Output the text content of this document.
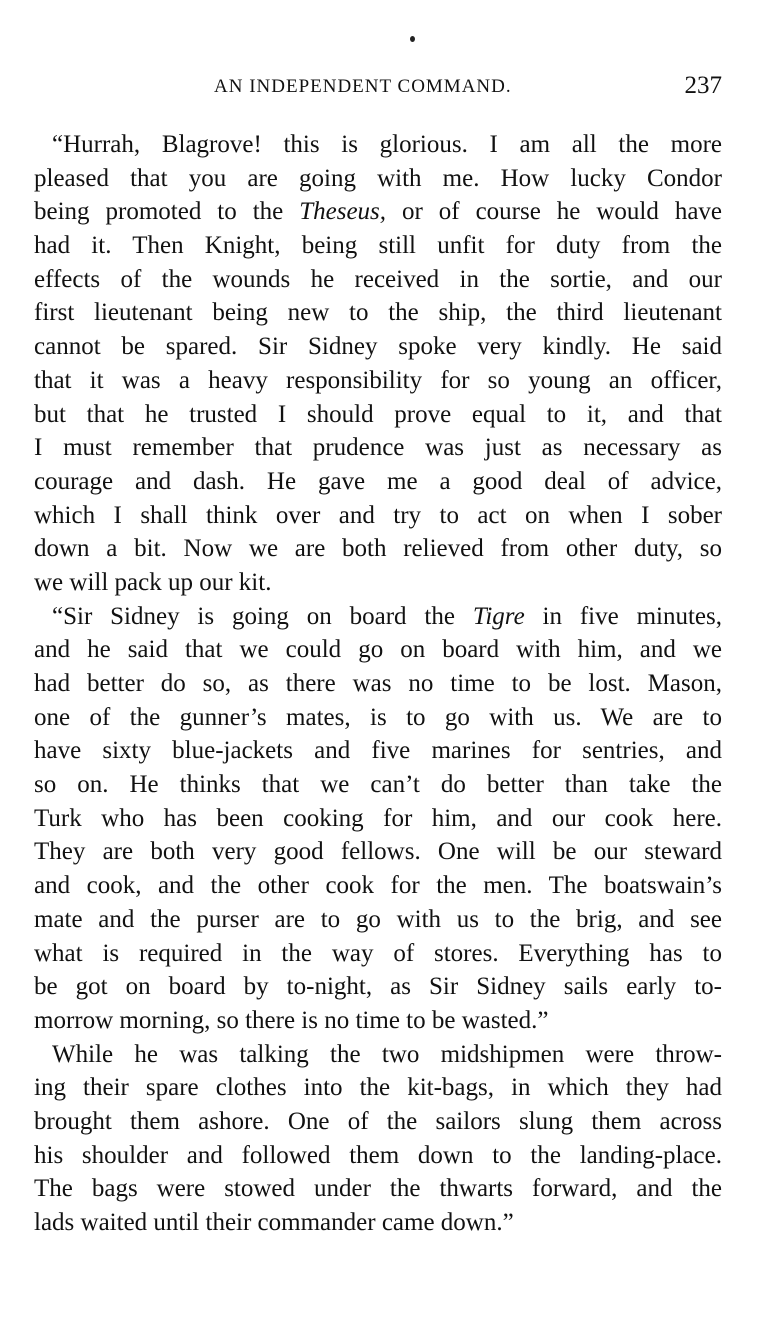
AN INDEPENDENT COMMAND.	237
“Hurrah, Blagrove! this is glorious. I am all the more
pleased that you are going with me. How lucky Condor
being promoted to the Theseus, or of course he would have
had it. Then Knight, being still unfit for duty from the
effects of the wounds he received in the sortie, and our
first lieutenant being new to the ship, the third lieutenant
cannot be spared. Sir Sidney spoke very kindly. He said
that it was a heavy responsibility for so young an officer,
but that he trusted I should prove equal to it, and that
I must remember that prudence was just as necessary as
courage and dash. He gave me a good deal of advice,
which I shall think over and try to act on when I sober
down a bit. Now we are both relieved from other duty, so
we will pack up our kit.
“Sir Sidney is going on board the Tigre in five minutes,
and he said that we could go on board with him, and we
had better do so, as there was no time to be lost. Mason,
one of the gunner’s mates, is to go with us. We are to
have sixty blue-jackets and five marines for sentries, and
so on. He thinks that we can’t do better than take the
Turk who has been cooking for him, and our cook here.
They are both very good fellows. One will be our steward
and cook, and the other cook for the men. The boatswain’s
mate and the purser are to go with us to the brig, and see
what is required in the way of stores. Everything has to
be got on board by to-night, as Sir Sidney sails early to-
morrow morning, so there is no time to be wasted.”
While he was talking the two midshipmen were throw-
ing their spare clothes into the kit-bags, in which they had
brought them ashore. One of the sailors slung them across
his shoulder and followed them down to the landing-place.
The bags were stowed under the thwarts forward, and the
lads waited until their commander came down.”
